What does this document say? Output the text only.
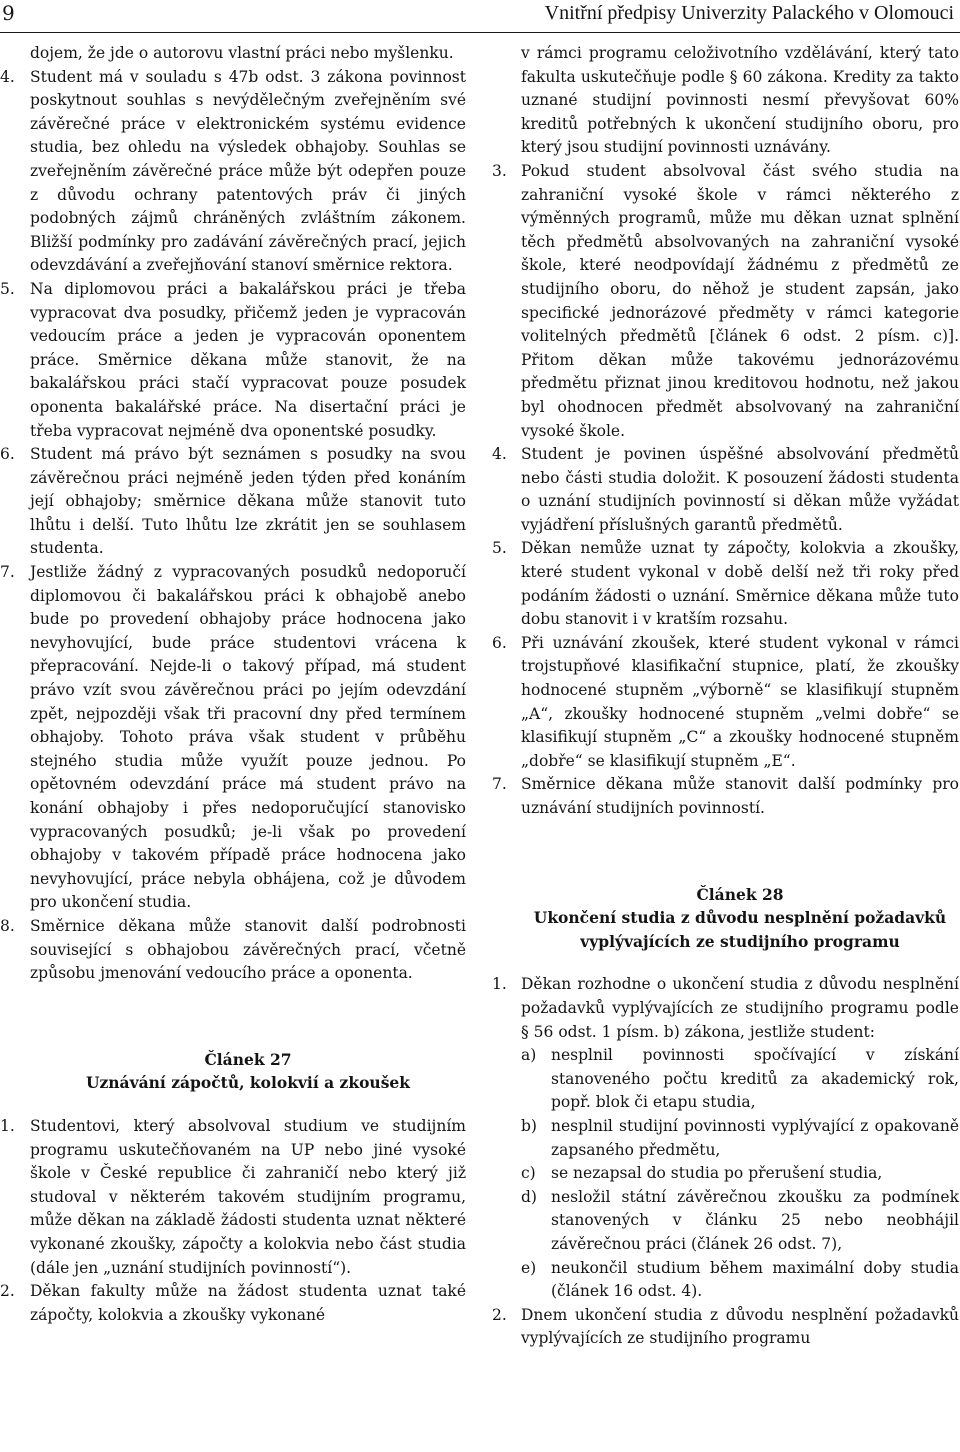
9	Vnitřní předpisy Univerzity Palackého v Olomouci

dojem, že jde o autorovu vlastní práci nebo myšlenku.

4. Student má v souladu s 47b odst. 3 zákona povinnost poskytnout souhlas s nevýdělečným zveřejněním své závěrečné práce v elektronickém systému evidence studia, bez ohledu na výsledek obhajoby. Souhlas se zveřejněním závěrečné práce může být odepřen pouze z důvodu ochrany patentových práv či jiných podobných zájmů chráněných zvláštním zákonem. Bližší podmínky pro zadávání závěrečných prací, jejich odevzdávání a zveřejňování stanoví směrnice rektora.

5. Na diplomovou práci a bakalářskou práci je třeba vypracovat dva posudky, přičemž jeden je vypracován vedoucím práce a jeden je vypracován oponentem práce. Směrnice děkana může stanovit, že na bakalářskou práci stačí vypracovat pouze posudek oponenta bakalářské práce. Na disertační práci je třeba vypracovat nejméně dva oponentské posudky.

6. Student má právo být seznámen s posudky na svou závěrečnou práci nejméně jeden týden před konáním její obhajoby; směrnice děkana může stanovit tuto lhůtu i delší. Tuto lhůtu lze zkrátit jen se souhlasem studenta.

7. Jestliže žádný z vypracovaných posudků nedoporučí diplomovou či bakalářskou práci k obhajobě anebo bude po provedení obhajoby práce hodnocena jako nevyhovující, bude práce studentovi vrácena k přepracování. Nejde-li o takový případ, má student právo vzít svou závěrečnou práci po jejím odevzdání zpět, nejpozději však tři pracovní dny před termínem obhajoby. Tohoto práva však student v průběhu stejného studia může využít pouze jednou. Po opětovném odevzdání práce má student právo na konání obhajoby i přes nedoporučující stanovisko vypracovaných posudků; je-li však po provedení obhajoby v takovém případě práce hodnocena jako nevyhovující, práce nebyla obhájena, což je důvodem pro ukončení studia.

8. Směrnice děkana může stanovit další podrobnosti související s obhajobou závěrečných prací, včetně způsobu jmenování vedoucího práce a oponenta.

Článek 27

Uznávání zápočtů, kolokvií a zkoušek

1. Studentovi, který absolvoval studium ve studijním programu uskutečňovaném na UP nebo jiné vysoké škole v České republice či zahraničí nebo který již studoval v některém takovém studijním programu, může děkan na základě žádosti studenta uznat některé vykonané zkoušky, zápočty a kolokvia nebo část studia (dále jen „uznání studijních povinností“).

2. Děkan fakulty může na žádost studenta uznat také zápočty, kolokvia a zkoušky vykonané

v rámci programu celoživotního vzdělávání, který tato fakulta uskutečňuje podle § 60 zákona. Kredity za takto uznané studijní povinnosti nesmí převyšovat 60% kreditů potřebných k ukončení studijního oboru, pro který jsou studijní povinnosti uznávány.

3. Pokud student absolvoval část svého studia na zahraniční vysoké škole v rámci některého z výměnných programů, může mu děkan uznat splnění těch předmětů absolvovaných na zahraniční vysoké škole, které neodpovídají žádnému z předmětů ze studijního oboru, do něhož je student zapsán, jako specifické jednorázové předměty v rámci kategorie volitelných předmětů [článek 6 odst. 2 písm. c)]. Přitom děkan může takovému jednorázovému předmětu přiznat jinou kreditovou hodnotu, než jakou byl ohodnocen předmět absolvovaný na zahraniční vysoké škole.

4. Student je povinen úspěšné absolvování předmětů nebo části studia doložit. K posouzení žádosti studenta o uznání studijních povinností si děkan může vyžádat vyjádření příslušných garantů předmětů.

5. Děkan nemůže uznat ty zápočty, kolokvia a zkoušky, které student vykonal v době delší než tři roky před podáním žádosti o uznání. Směrnice děkana může tuto dobu stanovit i v kratším rozsahu.

6. Při uznávání zkoušek, které student vykonal v rámci trojstupňové klasifikační stupnice, platí, že zkoušky hodnocené stupněm „výborně“ se klasifikují stupněm „A“, zkoušky hodnocené stupněm „velmi dobře“ se klasifikují stupněm „C“ a zkoušky hodnocené stupněm „dobře“ se klasifikují stupněm „E“.

7. Směrnice děkana může stanovit další podmínky pro uznávání studijních povinností.

Článek 28

Ukončení studia z důvodu nesplnění požadavků vyplývajících ze studijního programu

1. Děkan rozhodne o ukončení studia z důvodu nesplnění požadavků vyplývajících ze studijního programu podle § 56 odst. 1 písm. b) zákona, jestliže student:

a) nesplnil povinnosti spočívající v získání stanoveného počtu kreditů za akademický rok, popř. blok či etapu studia,

b) nesplnil studijní povinnosti vyplývající z opakovaně zapsaného předmětu,

c) se nezapsal do studia po přerušení studia,

d) nesložil státní závěrečnou zkoušku za podmínek stanovených v článku 25 nebo neobhájil závěrečnou práci (článek 26 odst. 7),

e) neukončil studium během maximální doby studia (článek 16 odst. 4).

2. Dnem ukončení studia z důvodu nesplnění požadavků vyplývajících ze studijního programu
